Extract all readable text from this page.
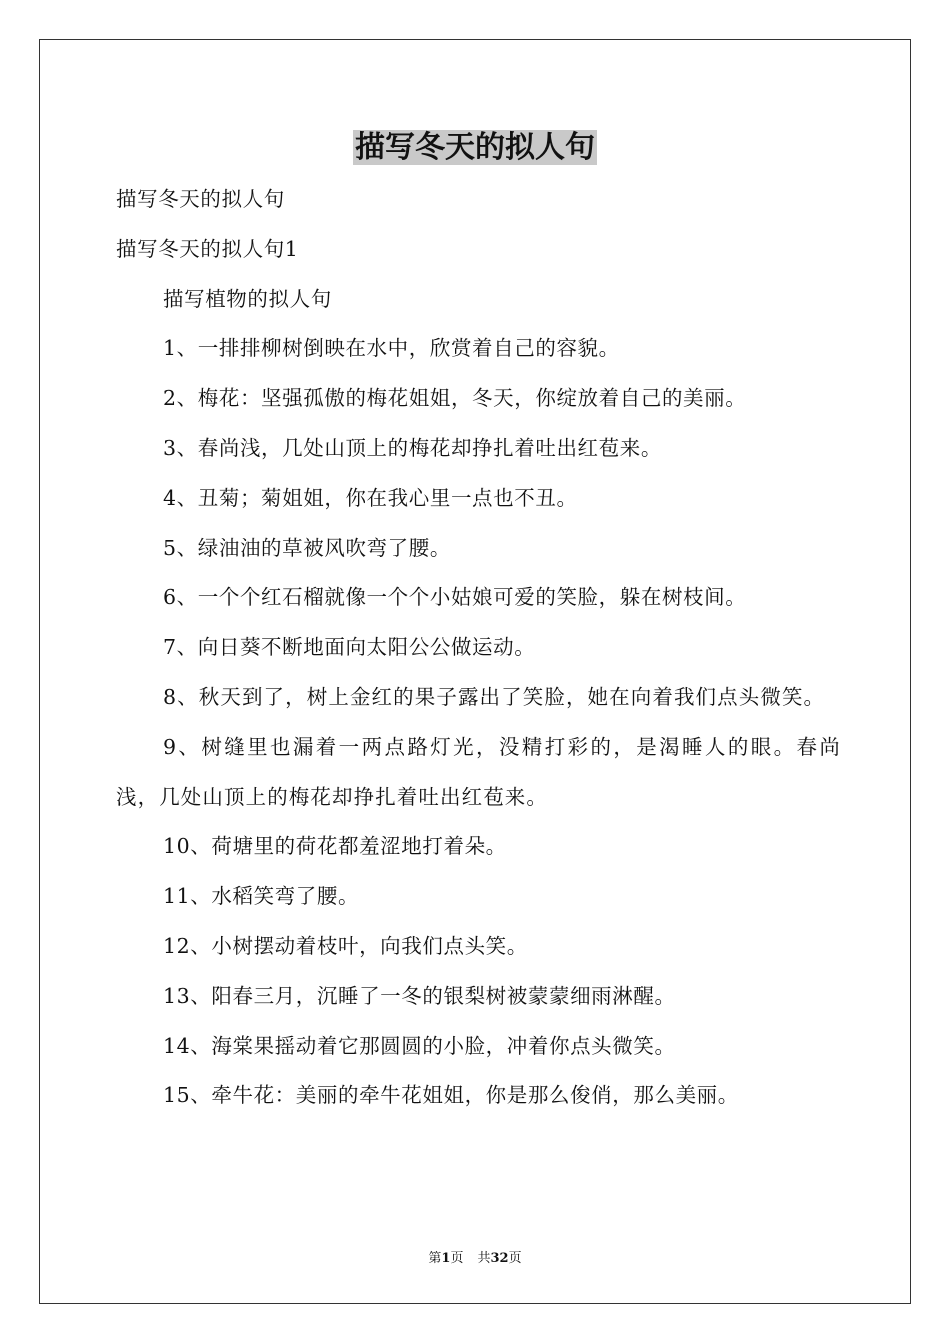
描写冬天的拟人句

描写冬天的拟人句

描写冬天的拟人句1

描写植物的拟人句

1、一排排柳树倒映在水中，欣赏着自己的容貌。

2、梅花：坚强孤傲的梅花姐姐，冬天，你绽放着自己的美丽。

3、春尚浅，几处山顶上的梅花却挣扎着吐出红苞来。

4、丑菊；菊姐姐，你在我心里一点也不丑。

5、绿油油的草被风吹弯了腰。

6、一个个红石榴就像一个个小姑娘可爱的笑脸，躲在树枝间。

7、向日葵不断地面向太阳公公做运动。

8、秋天到了，树上金红的果子露出了笑脸，她在向着我们点头微笑。

9、树缝里也漏着一两点路灯光，没精打彩的，是渴睡人的眼。春尚浅，几处山顶上的梅花却挣扎着吐出红苞来。

10、荷塘里的荷花都羞涩地打着朵。

11、水稻笑弯了腰。

12、小树摆动着枝叶，向我们点头笑。

13、阳春三月，沉睡了一冬的银梨树被蒙蒙细雨淋醒。

14、海棠果摇动着它那圆圆的小脸，冲着你点头微笑。

15、牵牛花：美丽的牵牛花姐姐，你是那么俊俏，那么美丽。

第1页 共32页
